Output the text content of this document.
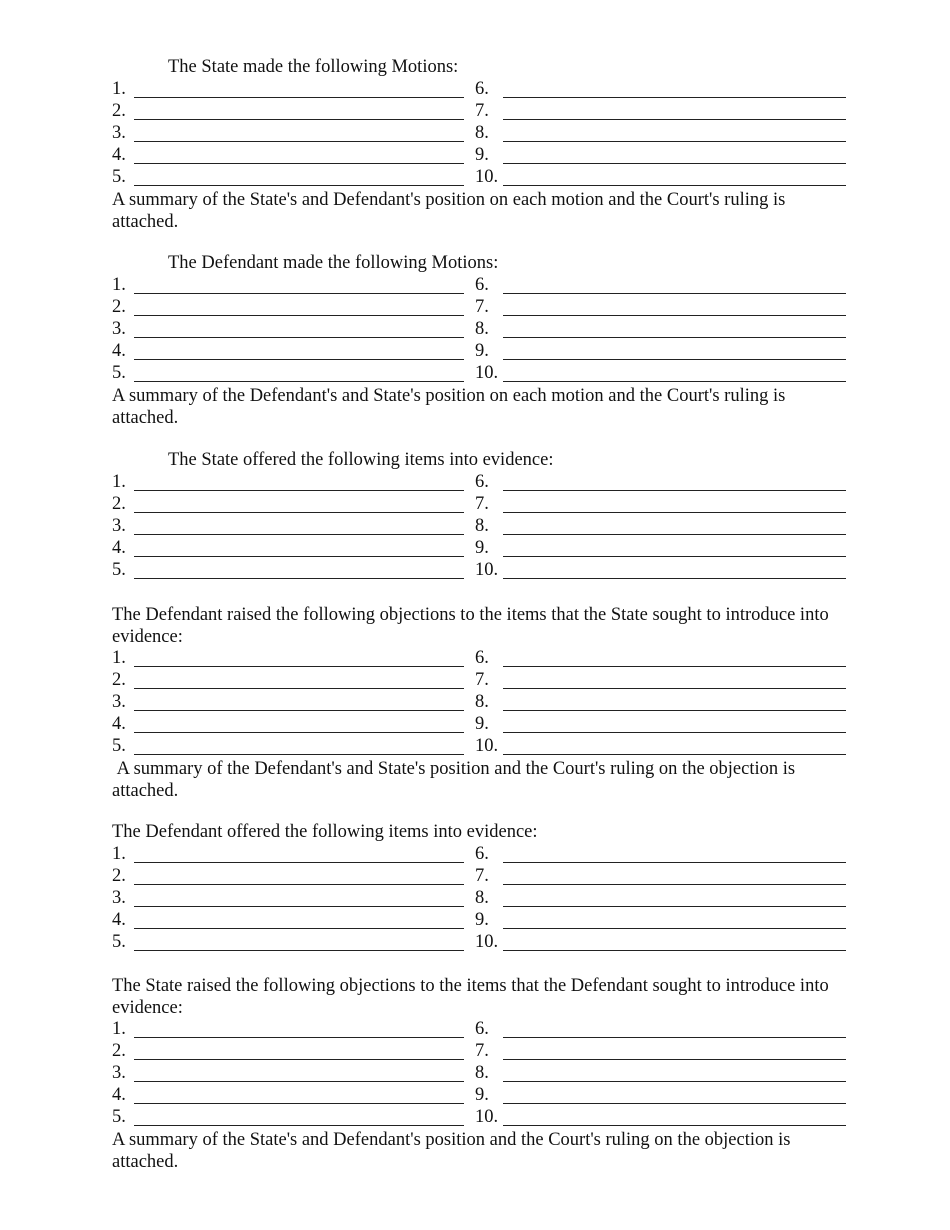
The State made the following Motions:
1.	6.
2.	7.
3.	8.
4.	9.
5.	10.
A summary of the State's and Defendant's position on each motion and the Court's ruling is attached.
The Defendant made the following Motions:
1.	6.
2.	7.
3.	8.
4.	9.
5.	10.
A summary of the Defendant's and State's position on each motion and the Court's ruling is attached.
The State offered the following items into evidence:
1.	6.
2.	7.
3.	8.
4.	9.
5.	10.
The Defendant raised the following objections to the items that the State sought to introduce into evidence:
1.	6.
2.	7.
3.	8.
4.	9.
5.	10.
A summary of the Defendant's and State's position and the Court's ruling on the objection is attached.
The Defendant offered the following items into evidence:
1.	6.
2.	7.
3.	8.
4.	9.
5.	10.
The State raised the following objections to the items that the Defendant sought to introduce into evidence:
1.	6.
2.	7.
3.	8.
4.	9.
5.	10.
A summary of the State's and Defendant's position and the Court's ruling on the objection is attached.
